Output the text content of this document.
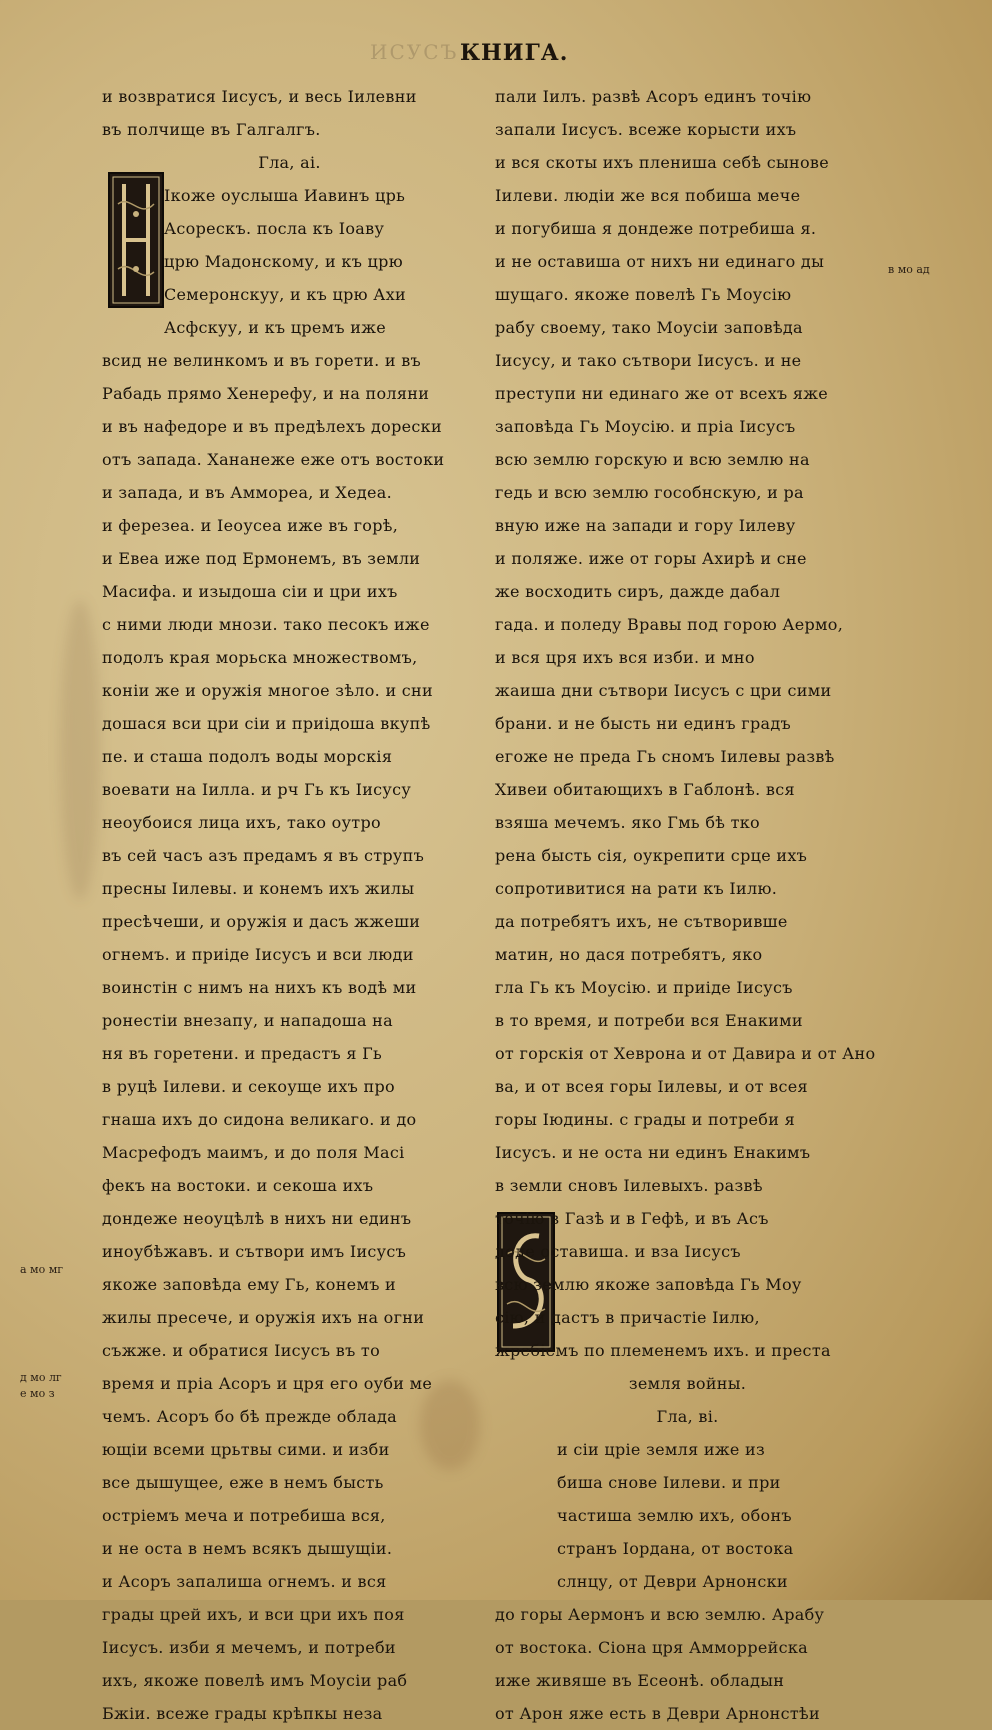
ИСУСЪ КНИГА.
и возвратися Іисусъ, и весь Іилевни
въ полчище въ Галгалгъ.
Гла, аі.
Ікоже оуслыша Иавинъ црь
Асорескъ. посла къ Іоаву
црю Мадонскому, и къ црю
Семеронскуу, и къ црю Ахи
Асфскуу, и къ цремъ иже
всид не велинкомъ и въ горети. и въ
Рабадь прямо Хенерефу, и на поляни
и въ нафедоре и въ предѣлехъ дорески
отъ запада. Хананеже еже отъ востоки
и запада, и въ Аммореа, и Хедеа.
и ферезеа. и Іеоусеа иже въ горѣ,
и Евеа иже под Ермонемъ, въ земли
Масифа. и изыдоша сіи и цри ихъ
с ними люди мнози. тако песокъ иже
подолъ края морьска множествомъ,
коніи же и оружія многое зѣло. и сни
дошася вси цри сіи и приідоша вкупѣ
пе. и сташа подолъ воды морскія
воевати на Іилла. и рч Гь къ Іисусу
неоубоися лица ихъ, тако оутро
въ сей часъ азъ предамъ я въ струпъ
пресны Іилевы. и конемъ ихъ жилы
пресѣчеши, и оружія и дасъ жжеши
огнемъ. и приіде Іисусъ и вси люди
воинстін с нимъ на нихъ къ водѣ ми
ронестіи внезапу, и нападоша на
ня въ горетени. и предастъ я Гь
в руцѣ Іилеви. и секоуще ихъ про
гнаша ихъ до сидона великаго. и до
Масрефодъ маимъ, и до поля Масі
фекъ на востоки. и секоша ихъ
дондеже неоуцѣлѣ в нихъ ни единъ
иноубѣжавъ. и сътвори имъ Іисусъ
якоже заповѣда ему Гь, конемъ и
жилы пресече, и оружія ихъ на огни
съжже. и обратися Іисусъ въ то
время и пріа Асоръ и цря его оуби ме
чемъ. Асоръ бо бѣ прежде облада
ющіи всеми црьтвы сими. и изби
все дышущее, еже в немъ бысть
остріемъ меча и потребиша вся,
и не оста в немъ всякъ дышущіи.
и Асоръ запалиша огнемъ. и вся
грады црей ихъ, и вси цри ихъ поя
Іисусъ. изби я мечемъ, и потреби
ихъ, якоже повелѣ имъ Моусіи раб
Бжіи. всеже грады крѣпкы неза
пали Іилъ. развѣ Асоръ единъ точію
запали Іисусъ. всеже корысти ихъ
и вся скоты ихъ плениша себѣ сынове
Іилеви. людіи же вся побиша мече
и погубиша я дондеже потребиша я.
и не оставиша от нихъ ни единаго ды
шущаго. якоже повелѣ Гь Моусію
рабу своему, тако Моусіи заповѣда
Іисусу, и тако сътвори Іисусъ. и не
преступи ни единаго же от всехъ яже
заповѣда Гь Моусію. и пріа Іисусъ
всю землю горскую и всю землю на
гедь и всю землю гособнскую, и ра
вную иже на запади и гору Іилеву
и поляже. иже от горы Ахирѣ и сне
же восходить сиръ, дажде дабал
гада. и поледу Вравы под горою Аермо,
и вся цря ихъ вся изби. и мно
жаиша дни сътвори Іисусъ с цри сими
брани. и не бысть ни единъ градъ
егоже не преда Гь сномъ Іилевы развѣ
Хивеи обитающихъ в Габлонѣ. вся
взяша мечемъ. яко Гмь бѣ тко
рена бысть сія, оукрепити срце ихъ
сопротивитися на рати къ Іилю.
да потребятъ ихъ, не сътворивше
матин, но дася потребятъ, яко
гла Гь къ Моусію. и приіде Іисусъ
в то время, и потреби вся Енакими
от горскія от Хеврона и от Давира и от Ано
ва, и от всея горы Іилевы, и от всея
горы Іюдины. с грады и потреби я
Іисусъ. и не оста ни единъ Енакимъ
в земли сновъ Іилевыхъ. развѣ
точію в Газѣ и в Гефѣ, и въ Асъ
доде оставиша. и вза Іисусъ
всю землю якоже заповѣда Гь Моу
сію, и дастъ в причастіе Іилю,
жребіемъ по племенемъ ихъ. и преста
земля войны.
Гла, ві.
и сіи цріе земля иже из
биша снове Іилеви. и при
частиша землю ихъ, обонъ
странъ Іордана, от востока
слнцу, от Деври Арнонски
до горы Аермонъ и всю землю. Арабу
от востока. Сіона цря Амморрейска
иже живяше въ Есеонѣ. обладын
от Арон яже есть в Деври Арнонстѣи
в мо ад
а мо мг
д мо лг
е мо з
